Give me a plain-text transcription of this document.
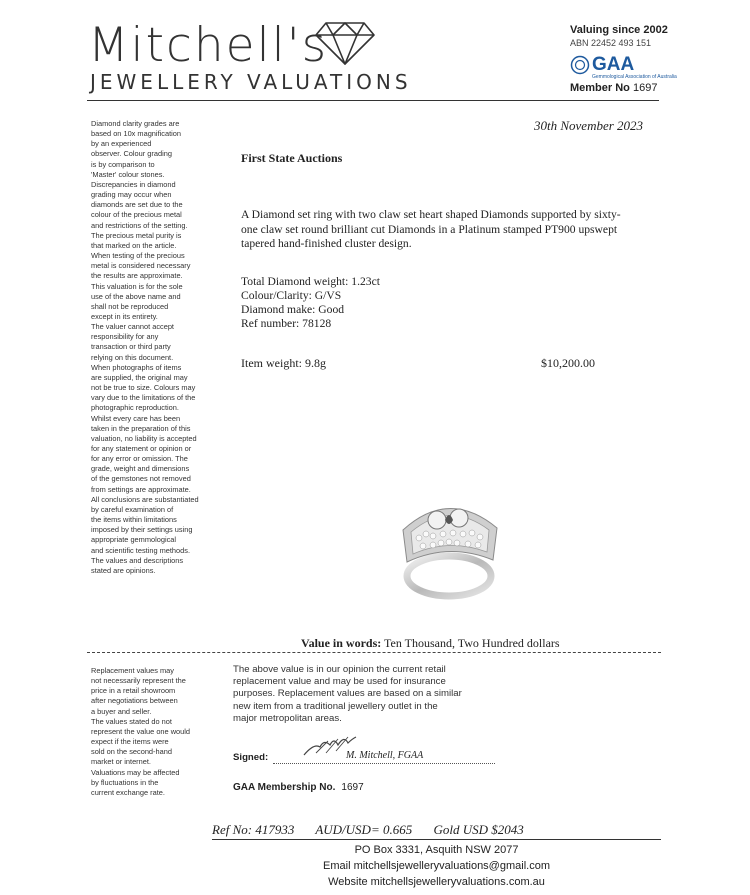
Mitchell's
JEWELLERY VALUATIONS
Valuing since 2002
ABN 22452 493 151
GAA
Gemmological Association of Australia
Member No 1697

Diamond clarity grades are

based on 10x magnification

by an experienced

observer. Colour grading

is by comparison to

'Master' colour stones.

Discrepancies in diamond

grading may occur when

diamonds are set due to the

colour of the precious metal

and restrictions of the setting.

The precious metal purity is

that marked on the article.

When testing of the precious

metal is considered necessary

the results are approximate.

This valuation is for the sole

use of the above name and

shall not be reproduced

except in its entirety.

The valuer cannot accept

responsibility for any

transaction or third party

relying on this document.

When photographs of items

are supplied, the original may

not be true to size. Colours may

vary due to the limitations of the

photographic reproduction.

Whilst every care has been

taken in the preparation of this

valuation, no liability is accepted

for any statement or opinion or

for any error or omission. The

grade, weight and dimensions

of the gemstones not removed

from settings are approximate.

All conclusions are substantiated

by careful examination of

the items within limitations

imposed by their settings using

appropriate gemmological

and scientific testing methods.

The values and descriptions

stated are opinions.

30th November 2023
First State Auctions
A Diamond set ring with two claw set heart shaped Diamonds supported by sixty-one claw set round brilliant cut Diamonds in a Platinum stamped PT900 upswept tapered hand-finished cluster design.
Total Diamond weight: 1.23ct
Colour/Clarity: G/VS
Diamond make: Good
Ref number: 78128
Item weight: 9.8g	$10,200.00
Value in words: Ten Thousand, Two Hundred dollars

Replacement values may

not necessarily represent the

price in a retail showroom

after negotiations between

a buyer and seller.

The values stated do not

represent the value one would

expect if the items were

sold on the second-hand

market or internet.

Valuations may be affected

by fluctuations in the

current exchange rate.

The above value is in our opinion the current retail
replacement value and may be used for insurance
purposes. Replacement values are based on a similar
new item from a traditional jewellery outlet in the
major metropolitan areas.
Signed:	M. Mitchell, FGAA
GAA Membership No. 1697
Ref No: 417933 AUD/USD= 0.665 Gold USD $2043
PO Box 3331, Asquith NSW 2077
Email mitchellsjewelleryvaluations@gmail.com
Website mitchellsjewelleryvaluations.com.au
